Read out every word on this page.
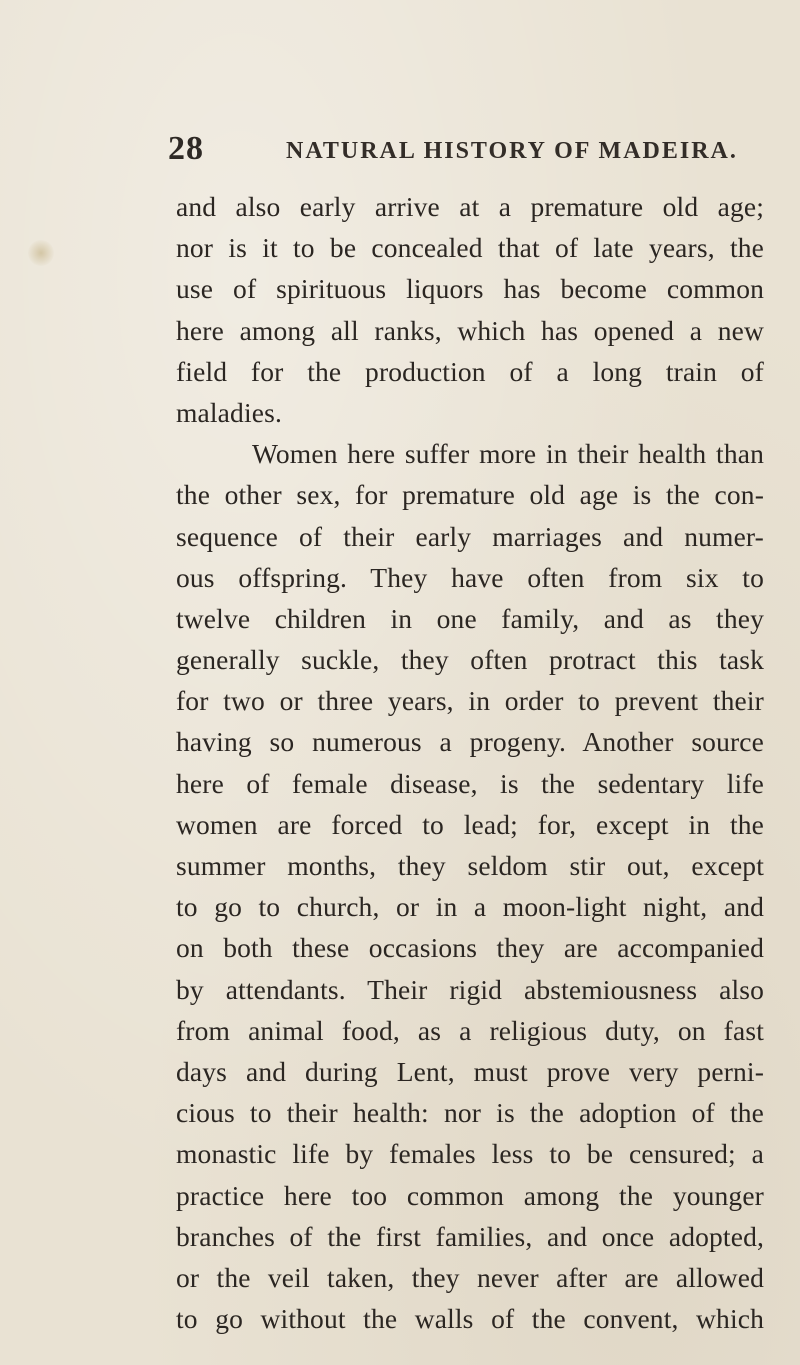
28	NATURAL HISTORY OF MADEIRA.
and also early arrive at a premature old age;
nor is it to be concealed that of late years, the
use of spirituous liquors has become common
here among all ranks, which has opened a new
field for the production of a long train of
maladies.
Women here suffer more in their health than
the other sex, for premature old age is the con-
sequence of their early marriages and numer-
ous offspring. They have often from six to
twelve children in one family, and as they
generally suckle, they often protract this task
for two or three years, in order to prevent their
having so numerous a progeny. Another source
here of female disease, is the sedentary life
women are forced to lead; for, except in the
summer months, they seldom stir out, except
to go to church, or in a moon-light night, and
on both these occasions they are accompanied
by attendants. Their rigid abstemiousness also
from animal food, as a religious duty, on fast
days and during Lent, must prove very perni-
cious to their health: nor is the adoption of the
monastic life by females less to be censured; a
practice here too common among the younger
branches of the first families, and once adopted,
or the veil taken, they never after are allowed
to go without the walls of the convent, which
